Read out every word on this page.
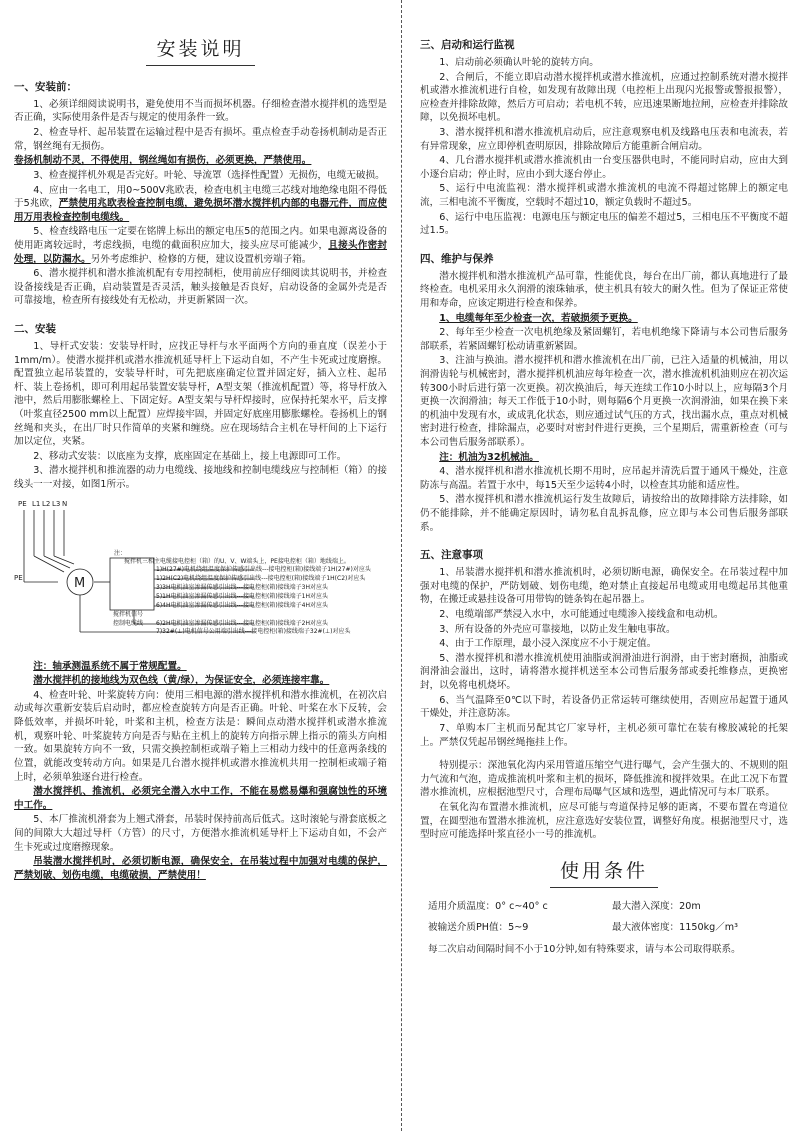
安装说明
一、安装前：

1、必须详细阅读说明书，避免使用不当而损坏机器。仔细检查潜水搅拌机的选型是否正确，实际使用条件是否与规定的使用条件一致。

2、检查导杆、起吊装置在运输过程中是否有损坏。重点检查手动卷扬机制动是否正常，钢丝绳有无损伤。

卷扬机制动不灵，不得使用，钢丝绳如有损伤，必须更换，严禁使用。

3、检查搅拌机外观是否完好。叶轮、导流罩（选择性配置）无损伤，电缆无破损。

4、应由一名电工，用0~500V兆欧表，检查电机主电缆三芯线对地绝缘电阻不得低于5兆欧，严禁使用兆欧表检查控制电缆，避免损坏潜水搅拌机内部的电器元件，而应使用万用表检查控制电缆线。

5、检查线路电压一定要在铭牌上标出的额定电压5的范围之内。如果电源离设备的使用距离较远时，考虑线损，电缆的截面积应加大，接头应尽可能减少，且接头作密封处理，以防漏水。另外考虑维护、检修的方便，建议设置机旁端子箱。

6、潜水搅拌机和潜水推流机配有专用控制柜，使用前应仔细阅读其说明书，并检查设备接线是否正确，启动装置是否灵活，触头接触是否良好，启动设备的金属外壳是否可靠接地，检查所有接线处有无松动，并更新紧固一次。

二、安装

1、导杆式安装：安装导杆时，应找正导杆与水平面两个方向的垂直度（误差小于1mm/m）。使潜水搅拌机或潜水推流机延导杆上下运动自如，不产生卡死或过度磨擦。配置独立起吊装置的，安装导杆时，可先把底座确定位置并固定好，插入立柱、起吊杆、装上卷扬机，即可利用起吊装置安装导杆，A型支架（推流机配置）等，将导杆放入池中，然后用膨胀螺栓上、下固定好。A型支架与导杆焊接时，应保持托架水平，后支撑（叶浆直径2500 mm以上配置）应焊接牢固，并固定好底座用膨胀螺栓。卷扬机上的钢丝绳和夹头，在出厂时只作简单的夹紧和缠绕。应在现场结合主机在导杆间的上下运行加以定位，夹紧。

2、移动式安装：以底座为支撑，底座固定在基础上，接上电源即可工作。

3、潜水搅拌机和推流器的动力电缆线、接地线和控制电缆线应与控制柜（箱）的接线头一一对接，如图1所示。

PE L1 L2 L3 N
PE	M
搅拌机信号
控制电缆线
注：
搅拌机三相主电缆接电控柜（箱）的U、V、W端头上，PE接电控柜（箱）地线端上。
1)H(27#)电机绕组温度保护传感引出线---接电控柜(箱)接线端子1H(27#)对应头
1)2H(C2)电机绕组温度保护传感引出线---接电控柜(箱)接线端子1H(C2)对应头
3)3H电机油室渗漏传感引出线---接电控柜(箱)接线端子3H对应头
5)1H电机油室渗漏传感引出线---接电控柜(箱)接线端子1H对应头
6)4H电机油室渗漏传感引出线---接电控柜(箱)接线端子4H对应头
6)2H电机油室渗漏传感引出线---接电控柜(箱)接线端子2H对应头
7)32#(⊥)电机信号公用端引出线---接电控柜(箱)接线端子32#(⊥)对应头

注：轴承测温系统不属于常规配置。

潜水搅拌机的接地线为双色线（黄/绿），为保证安全，必须连接牢靠。

4、检查叶轮、叶桨旋转方向：使用三相电源的潜水搅拌机和潜水推流机，在初次启动或每次重新安装后启动时，都应检查旋转方向是否正确。叶轮、叶桨在水下反转，会降低效率，并损坏叶轮，叶桨和主机，检查方法是：瞬间点动潜水搅拌机或潜水推流机，观察叶轮、叶桨旋转方向是否与贴在主机上的旋转方向指示牌上指示的箭头方向相一致。如果旋转方向不一致，只需交换控制柜或端子箱上三相动力线中的任意两条线的位置，就能改变转动方向。如果是几台潜水搅拌机或潜水推流机共用一控制柜或端子箱上时，必须单独逐台进行检查。

潜水搅拌机、推流机，必须完全潜入水中工作，不能在易燃易爆和强腐蚀性的环境中工作。

5、本厂推流机滑套为上翘式滑套，吊装时保持前高后低式。这时滚轮与滑套底板之间的间隙大大超过导杆（方管）的尺寸，方便潜水推流机延导杆上下运动自如，不会产生卡死或过度磨擦现象。

吊装潜水搅拌机时，必须切断电源，确保安全，在吊装过程中加强对电缆的保护，严禁划破、划伤电缆，电缆破损，严禁使用！

三、启动和运行监视

1、启动前必须确认叶轮的旋转方向。

2、合闸后，不能立即启动潜水搅拌机或潜水推流机，应通过控制系统对潜水搅拌机或潜水推流机进行自检，如发现有故障出现（电控柜上出现闪光报警或警报报警），应检查并排除故障，然后方可启动；若电机不转，应迅速果断地拉闸，应检查并排除故障，以免损坏电机。

3、潜水搅拌机和潜水推流机启动后，应注意观察电机及线路电压表和电流表，若有异常现象，应立即停机查明原因，排除故障后方能重新合闸启动。

4、几台潜水搅拌机或潜水推流机由一台变压器供电时，不能同时启动，应由大到小逐台启动；停止时，应由小到大逐台停止。

5、运行中电流监视：潜水搅拌机或潜水推流机的电流不得超过铭牌上的额定电流，三相电流不平衡度，空载时不超过10，额定负载时不超过5。

6、运行中电压监视：电源电压与额定电压的偏差不超过5，三相电压不平衡度不超过1.5。

四、维护与保养

潜水搅拌机和潜水推流机产品可靠，性能优良，每台在出厂前，都认真地进行了最终检查。电机采用永久润滑的滚珠轴承，使主机具有较大的耐久性。但为了保证正常使用和寿命，应该定期进行检查和保养。

1、电缆每年至少检查一次，若破损须予更换。

2、每年至少检查一次电机绝缘及紧固螺钉，若电机绝缘下降请与本公司售后服务部联系，若紧固螺钉松动请重新紧固。

3、注油与换油。潜水搅拌机和潜水推流机在出厂前，已注入适量的机械油，用以润滑齿轮与机械密封，潜水搅拌机机油应每年检查一次，潜水推流机机油则应在初次运转300小时后进行第一次更换。初次换油后，每天连续工作10小时以上，应每隔3个月更换一次润滑油；每天工作低于10小时，则每隔6个月更换一次润滑油，如果在换下来的机油中发现有水，或成乳化状态，则应通过试气压的方式，找出漏水点，重点对机械密封进行检查，排除漏点，必要时对密封件进行更换，三个星期后，需重新检查（可与本公司售后服务部联系）。

注：机油为32机械油。

4、潜水搅拌机和潜水推流机长期不用时，应吊起并清洗后置于通风干燥处，注意防冻与高温。若置于水中，每15天至少运转4小时，以检查其功能和适应性。

5、潜水搅拌机和潜水推流机运行发生故障后，请按给出的故障排除方法排除，如仍不能排除，并不能确定原因时，请勿私自乱拆乱修，应立即与本公司售后服务部联系。

五、注意事项

1、吊装潜水搅拌机和潜水推流机时，必须切断电源，确保安全。在吊装过程中加强对电缆的保护，严防划破、划伤电缆，绝对禁止直接起吊电缆或用电缆起吊其他重物，在搬迁或悬挂设备可用带钩的链条钩在起吊器上。

2、电缆端部严禁浸入水中，水可能通过电缆渗入接线盒和电动机。

3、所有设备的外壳应可靠接地，以防止发生触电事故。

4、由于工作原理，最小浸入深度应不小于规定值。

5、潜水搅拌机和潜水推流机使用油脂或润滑油进行润滑，由于密封磨损，油脂或润滑油会溢出，这时，请将潜水搅拌机送至本公司售后服务部或委托维修点，更换密封，以免将电机烧坏。

6、当气温降至0℃以下时，若设备仍正常运转可继续使用，否则应吊起置于通风干燥处，并注意防冻。

7、单购本厂主机而另配其它厂家导杆，主机必须可靠忙在装有橡胶减轮的托架上。严禁仅凭起吊钢丝绳拖挂上作。

特别提示：深池氧化沟内采用管道压缩空气进行曝气，会产生强大的、不规则的阻力气流和气泡，造成推流机叶浆和主机的损坏，降低推流和搅拌效果。在此工况下布置潜水推流机，应根据池型尺寸，合理布局曝气区域和选型，遇此情况可与本厂联系。

在氧化沟布置潜水推流机，应尽可能与弯道保持足够的距离，不要布置在弯道位置，在圆型池布置潜水推流机，应注意选好安装位置，调整好角度。根据池型尺寸，选型时应可能选择叶浆直径小一号的推流机。

使用条件
适用介质温度：0° c~40° c	最大潜入深度：20m
被输送介质PH值：5~9	最大液体密度：1150kg／m³
每二次启动间隔时间不小于10分钟,如有特殊要求，请与本公司取得联系。
